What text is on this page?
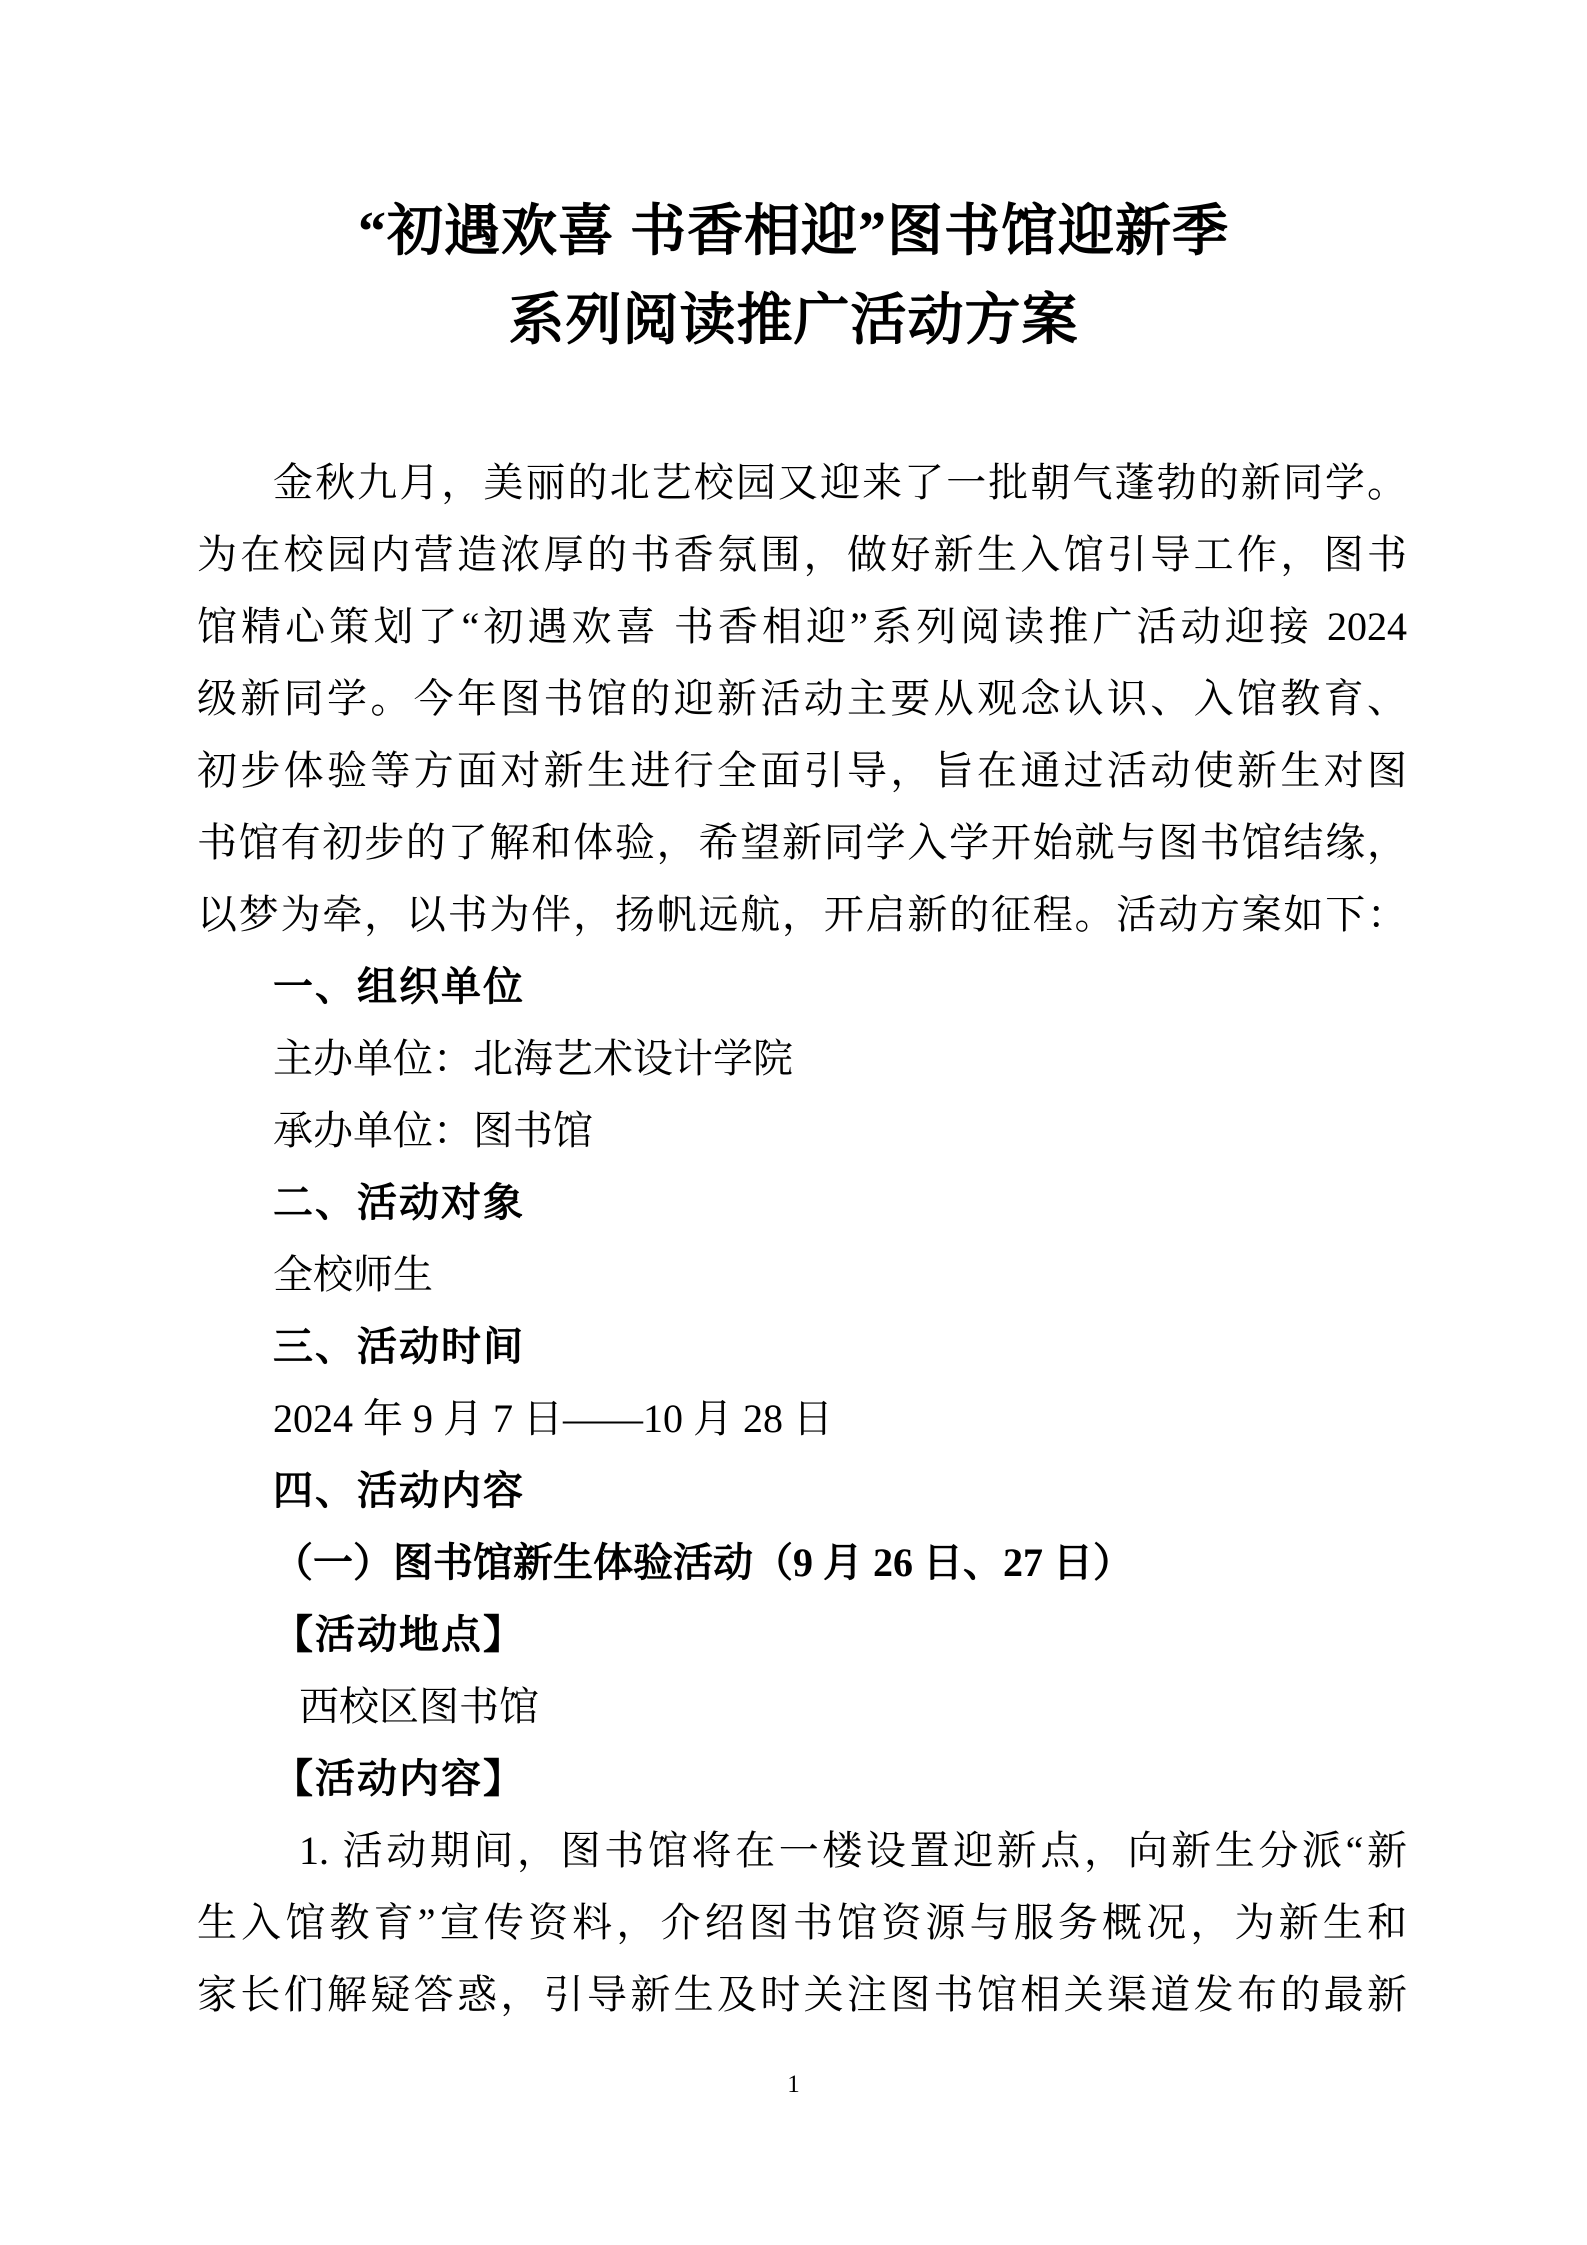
“初遇欢喜 书香相迎”图书馆迎新季
系列阅读推广活动方案
金秋九月，美丽的北艺校园又迎来了一批朝气蓬勃的新同学。
为在校园内营造浓厚的书香氛围，做好新生入馆引导工作，图书
馆精心策划了“初遇欢喜 书香相迎”系列阅读推广活动迎接 2024
级新同学。今年图书馆的迎新活动主要从观念认识、入馆教育、
初步体验等方面对新生进行全面引导，旨在通过活动使新生对图
书馆有初步的了解和体验，希望新同学入学开始就与图书馆结缘，
以梦为牵，以书为伴，扬帆远航，开启新的征程。活动方案如下：
一、组织单位
主办单位：北海艺术设计学院
承办单位：图书馆
二、活动对象
全校师生
三、活动时间
2024 年 9 月 7 日——10 月 28 日
四、活动内容
（一）图书馆新生体验活动（9 月 26 日、27 日）
【活动地点】
西校区图书馆
【活动内容】
1. 活动期间，图书馆将在一楼设置迎新点，向新生分派“新
生入馆教育”宣传资料，介绍图书馆资源与服务概况，为新生和
家长们解疑答惑，引导新生及时关注图书馆相关渠道发布的最新
1
